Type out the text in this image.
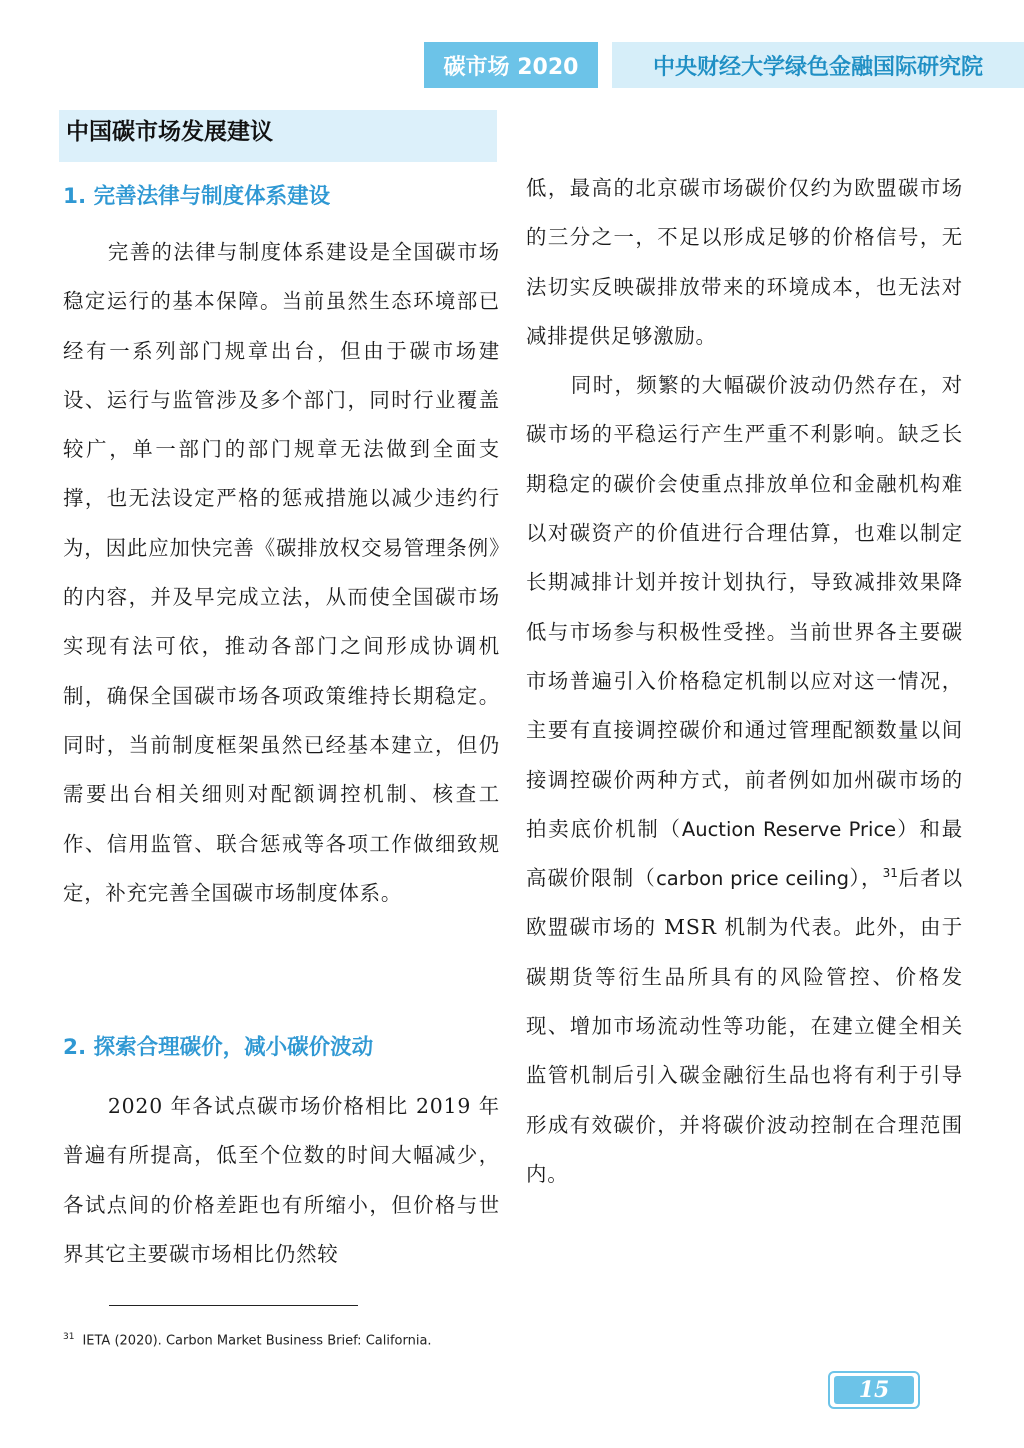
碳市场 2020	中央财经大学绿色金融国际研究院
中国碳市场发展建议
1. 完善法律与制度体系建设

完善的法律与制度体系建设是全国碳市场稳定运行的基本保障。当前虽然生态环境部已经有一系列部门规章出台，但由于碳市场建设、运行与监管涉及多个部门，同时行业覆盖较广，单一部门的部门规章无法做到全面支撑，也无法设定严格的惩戒措施以减少违约行为，因此应加快完善《碳排放权交易管理条例》的内容，并及早完成立法，从而使全国碳市场实现有法可依，推动各部门之间形成协调机制，确保全国碳市场各项政策维持长期稳定。同时，当前制度框架虽然已经基本建立，但仍需要出台相关细则对配额调控机制、核查工作、信用监管、联合惩戒等各项工作做细致规定，补充完善全国碳市场制度体系。

2. 探索合理碳价，减小碳价波动

2020 年各试点碳市场价格相比 2019 年普遍有所提高，低至个位数的时间大幅减少，各试点间的价格差距也有所缩小，但价格与世界其它主要碳市场相比仍然较

低，最高的北京碳市场碳价仅约为欧盟碳市场的三分之一，不足以形成足够的价格信号，无法切实反映碳排放带来的环境成本，也无法对减排提供足够激励。

同时，频繁的大幅碳价波动仍然存在，对碳市场的平稳运行产生严重不利影响。缺乏长期稳定的碳价会使重点排放单位和金融机构难以对碳资产的价值进行合理估算，也难以制定长期减排计划并按计划执行，导致减排效果降低与市场参与积极性受挫。当前世界各主要碳市场普遍引入价格稳定机制以应对这一情况，主要有直接调控碳价和通过管理配额数量以间接调控碳价两种方式，前者例如加州碳市场的拍卖底价机制（Auction Reserve Price）和最高碳价限制（carbon price ceiling），$^{31}$后者以欧盟碳市场的 MSR 机制为代表。此外，由于碳期货等衍生品所具有的风险管控、价格发现、增加市场流动性等功能，在建立健全相关监管机制后引入碳金融衍生品也将有利于引导形成有效碳价，并将碳价波动控制在合理范围内。

$^{31}$ IETA (2020). Carbon Market Business Brief: California.
15
